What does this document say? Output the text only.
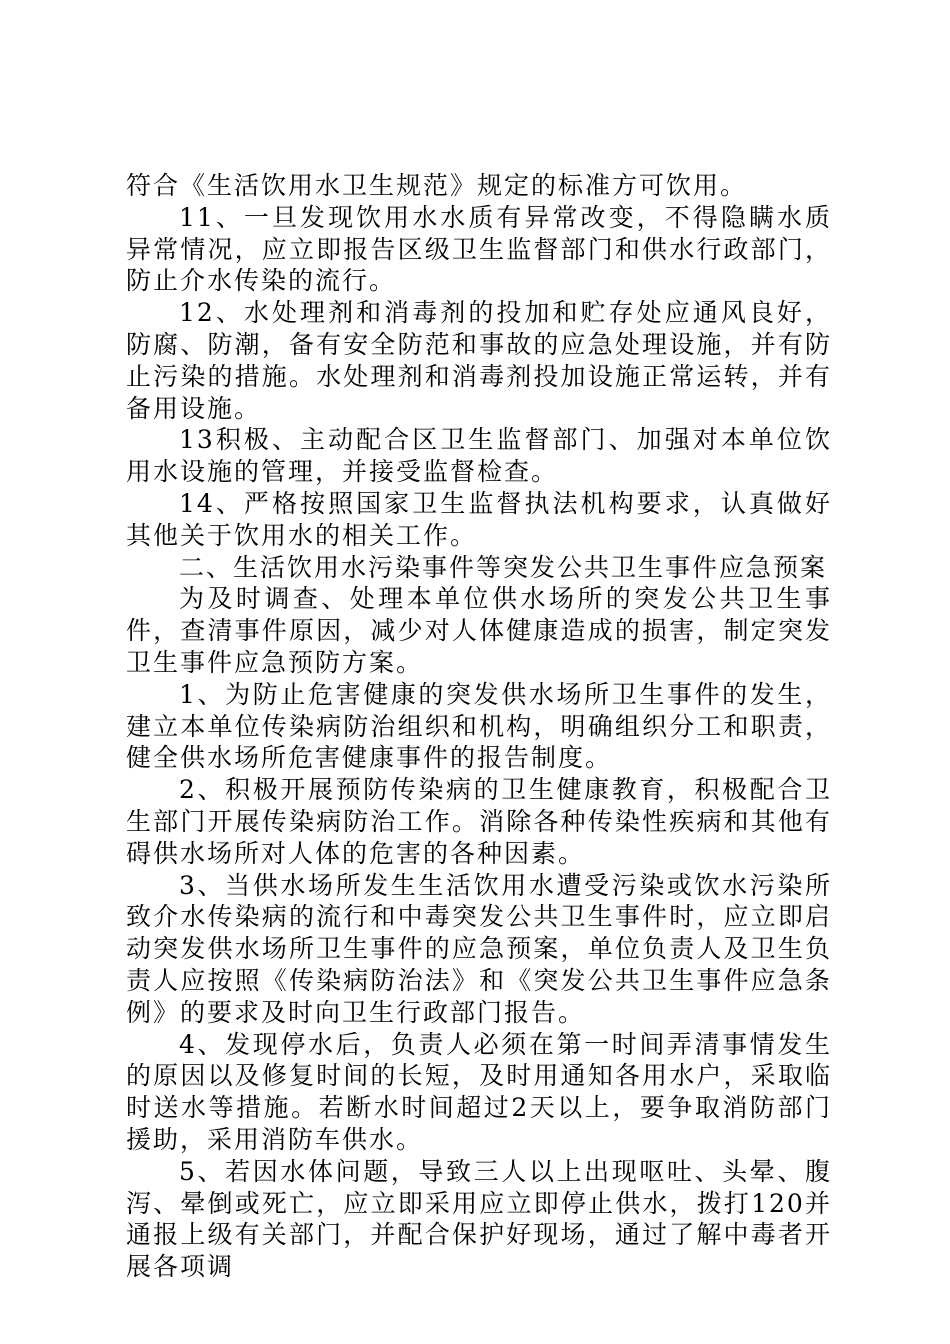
符合《生活饮用水卫生规范》规定的标准方可饮用。

11、一旦发现饮用水水质有异常改变，不得隐瞒水质异常情况，应立即报告区级卫生监督部门和供水行政部门，防止介水传染的流行。

12、水处理剂和消毒剂的投加和贮存处应通风良好，防腐、防潮，备有安全防范和事故的应急处理设施，并有防止污染的措施。水处理剂和消毒剂投加设施正常运转，并有备用设施。

13积极、主动配合区卫生监督部门、加强对本单位饮用水设施的管理，并接受监督检查。

14、严格按照国家卫生监督执法机构要求，认真做好其他关于饮用水的相关工作。

二、生活饮用水污染事件等突发公共卫生事件应急预案

为及时调查、处理本单位供水场所的突发公共卫生事件，查清事件原因，减少对人体健康造成的损害，制定突发卫生事件应急预防方案。

1、为防止危害健康的突发供水场所卫生事件的发生，建立本单位传染病防治组织和机构，明确组织分工和职责，健全供水场所危害健康事件的报告制度。

2、积极开展预防传染病的卫生健康教育，积极配合卫生部门开展传染病防治工作。消除各种传染性疾病和其他有碍供水场所对人体的危害的各种因素。

3、当供水场所发生生活饮用水遭受污染或饮水污染所致介水传染病的流行和中毒突发公共卫生事件时，应立即启动突发供水场所卫生事件的应急预案，单位负责人及卫生负责人应按照《传染病防治法》和《突发公共卫生事件应急条例》的要求及时向卫生行政部门报告。

4、发现停水后，负责人必须在第一时间弄清事情发生的原因以及修复时间的长短，及时用通知各用水户，采取临时送水等措施。若断水时间超过2天以上，要争取消防部门援助，采用消防车供水。

5、若因水体问题，导致三人以上出现呕吐、头晕、腹泻、晕倒或死亡，应立即采用应立即停止供水，拨打120并通报上级有关部门，并配合保护好现场，通过了解中毒者开展各项调
